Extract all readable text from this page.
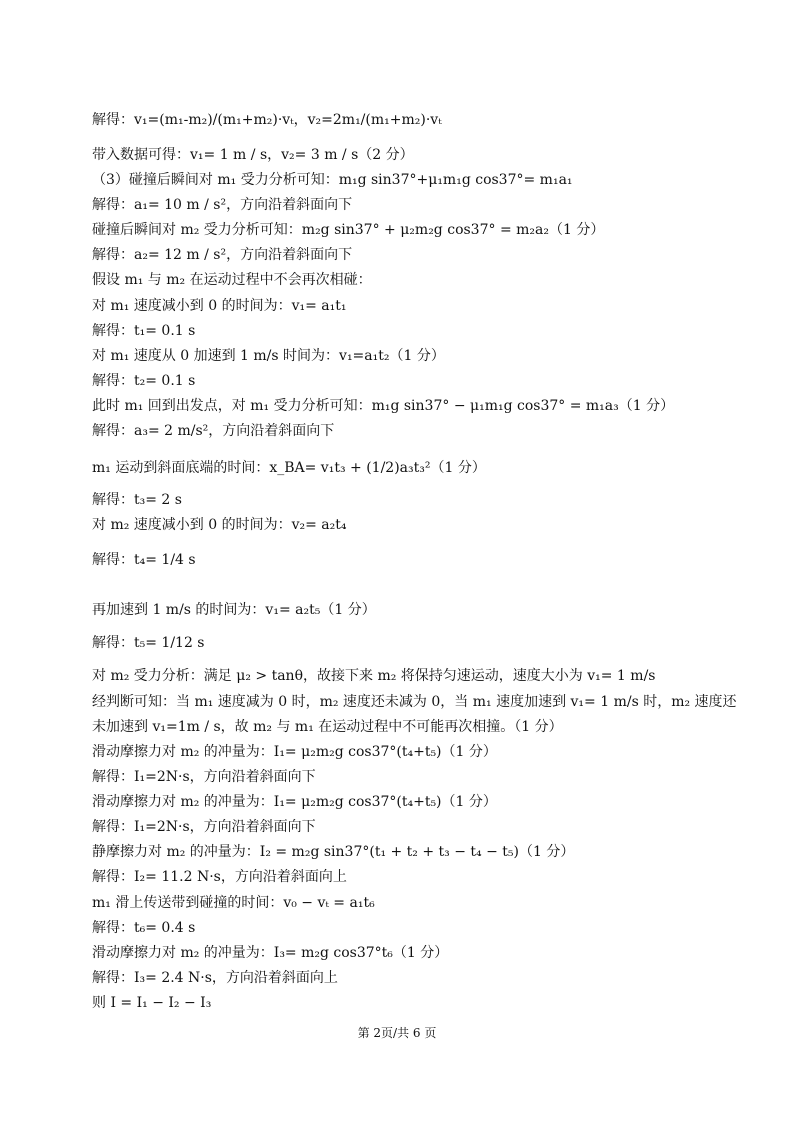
解得：v₁=(m₁-m₂)/(m₁+m₂)·vₜ，v₂=2m₁/(m₁+m₂)·vₜ
带入数据可得：v₁= 1 m / s，v₂= 3 m / s（2 分）
（3）碰撞后瞬间对 m₁ 受力分析可知：m₁g sin37°+μ₁m₁g cos37°= m₁a₁
解得：a₁= 10 m / s²，方向沿着斜面向下
碰撞后瞬间对 m₂ 受力分析可知：m₂g sin37° + μ₂m₂g cos37° = m₂a₂（1 分）
解得：a₂= 12 m / s²，方向沿着斜面向下
假设 m₁ 与 m₂ 在运动过程中不会再次相碰：
对 m₁ 速度减小到 0 的时间为：v₁= a₁t₁
解得：t₁= 0.1 s
对 m₁ 速度从 0 加速到 1 m/s 时间为：v₁=a₁t₂（1 分）
解得：t₂= 0.1 s
此时 m₁ 回到出发点，对 m₁ 受力分析可知：m₁g sin37° − μ₁m₁g cos37° = m₁a₃（1 分）
解得：a₃= 2 m/s²，方向沿着斜面向下
m₁ 运动到斜面底端的时间：x_BA= v₁t₃ + (1/2)a₃t₃²（1 分）
解得：t₃= 2 s
对 m₂ 速度减小到 0 的时间为：v₂= a₂t₄
解得：t₄= 1/4 s
再加速到 1 m/s 的时间为：v₁= a₂t₅（1 分）
解得：t₅= 1/12 s
对 m₂ 受力分析：满足 μ₂ > tanθ，故接下来 m₂ 将保持匀速运动，速度大小为 v₁= 1 m/s
经判断可知：当 m₁ 速度减为 0 时，m₂ 速度还未减为 0，当 m₁ 速度加速到 v₁= 1 m/s 时，m₂ 速度还
未加速到 v₁=1m / s，故 m₂ 与 m₁ 在运动过程中不可能再次相撞。（1 分）
滑动摩擦力对 m₂ 的冲量为：I₁= μ₂m₂g cos37°(t₄+t₅)（1 分）
解得：I₁=2N·s，方向沿着斜面向下
滑动摩擦力对 m₂ 的冲量为：I₁= μ₂m₂g cos37°(t₄+t₅)（1 分）
解得：I₁=2N·s，方向沿着斜面向下
静摩擦力对 m₂ 的冲量为：I₂ = m₂g sin37°(t₁ + t₂ + t₃ − t₄ − t₅)（1 分）
解得：I₂= 11.2 N·s，方向沿着斜面向上
m₁ 滑上传送带到碰撞的时间：v₀ − vₜ = a₁t₆
解得：t₆= 0.4 s
滑动摩擦力对 m₂ 的冲量为：I₃= m₂g cos37°t₆（1 分）
解得：I₃= 2.4 N·s，方向沿着斜面向上
则 I = I₁ − I₂ − I₃
第 2页/共 6 页
